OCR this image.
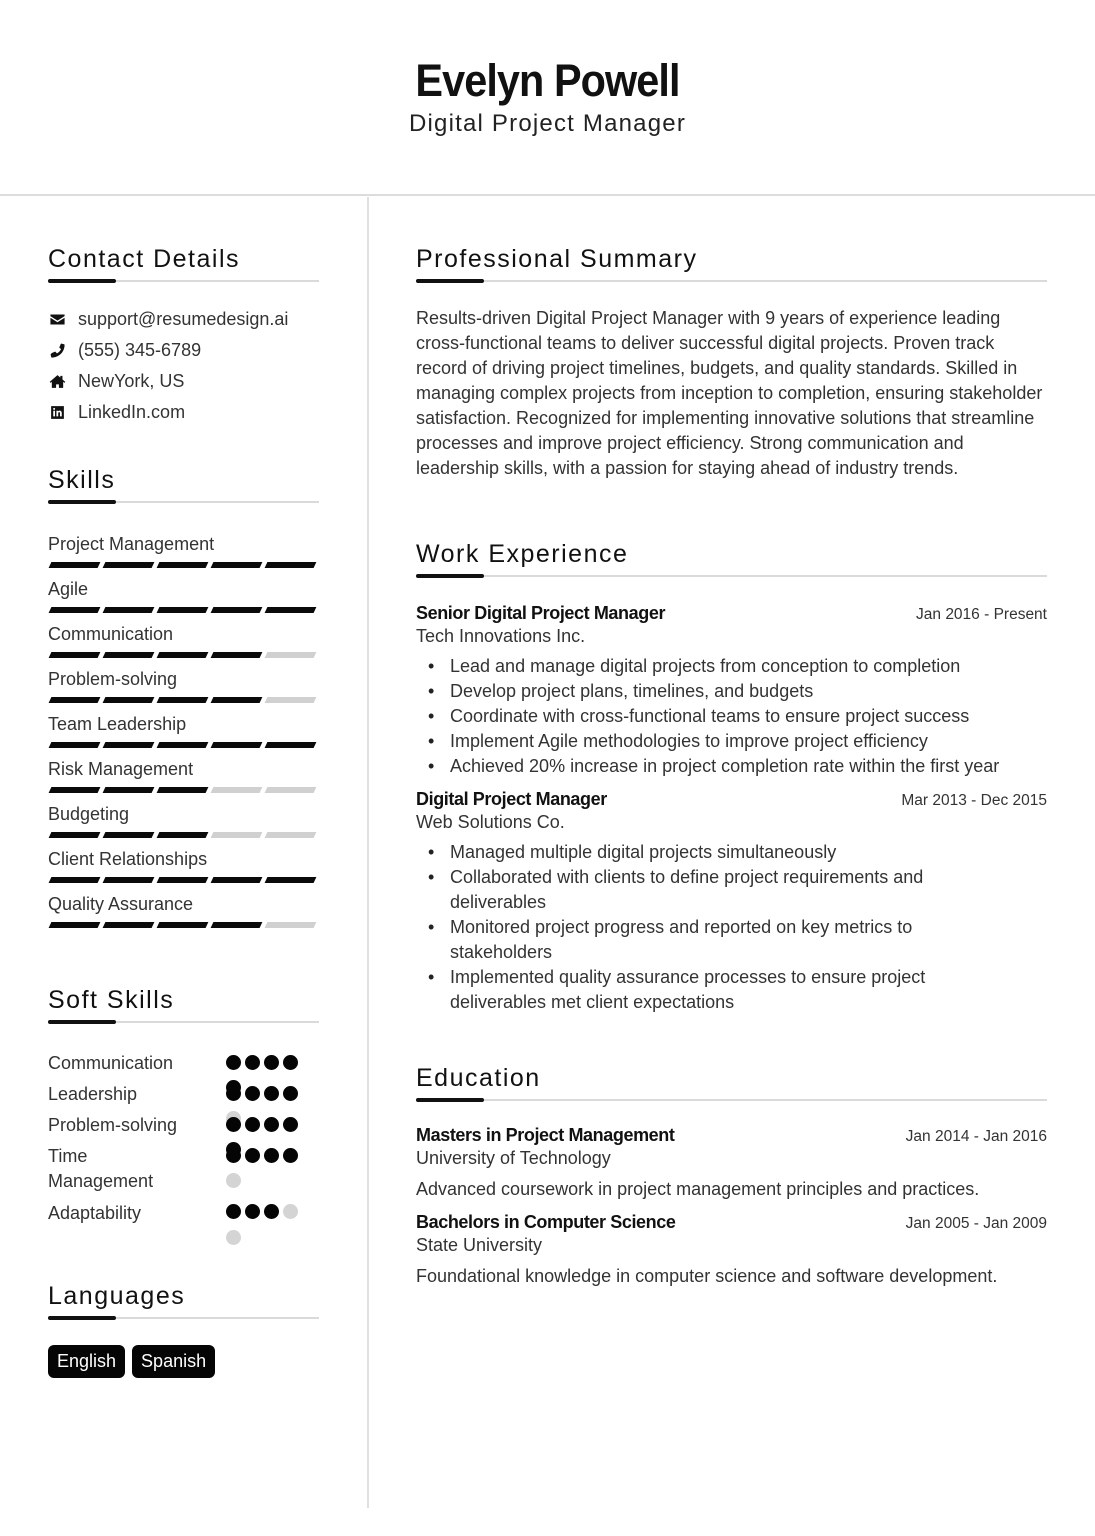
Evelyn Powell
Digital Project Manager
Contact Details
support@resumedesign.ai
(555) 345-6789
NewYork, US
LinkedIn.com
Skills
Project Management
Agile
Communication
Problem-solving
Team Leadership
Risk Management
Budgeting
Client Relationships
Quality Assurance
Soft Skills
Communication
Leadership
Problem-solving
Time Management
Adaptability
Languages
English	Spanish
Professional Summary

Results-driven Digital Project Manager with 9 years of experience leading cross-functional teams to deliver successful digital projects. Proven track record of driving project timelines, budgets, and quality standards. Skilled in managing complex projects from inception to completion, ensuring stakeholder satisfaction. Recognized for implementing innovative solutions that streamline processes and improve project efficiency. Strong communication and leadership skills, with a passion for staying ahead of industry trends.

Work Experience
Senior Digital Project Manager	Jan 2016 - Present
Tech Innovations Inc.
• Lead and manage digital projects from conception to completion
• Develop project plans, timelines, and budgets
• Coordinate with cross-functional teams to ensure project success
• Implement Agile methodologies to improve project efficiency
• Achieved 20% increase in project completion rate within the first year
Digital Project Manager	Mar 2013 - Dec 2015
Web Solutions Co.
• Managed multiple digital projects simultaneously
• Collaborated with clients to define project requirements and deliverables
• Monitored project progress and reported on key metrics to stakeholders
• Implemented quality assurance processes to ensure project deliverables met client expectations
Education
Masters in Project Management	Jan 2014 - Jan 2016
University of Technology
Advanced coursework in project management principles and practices.
Bachelors in Computer Science	Jan 2005 - Jan 2009
State University
Foundational knowledge in computer science and software development.
